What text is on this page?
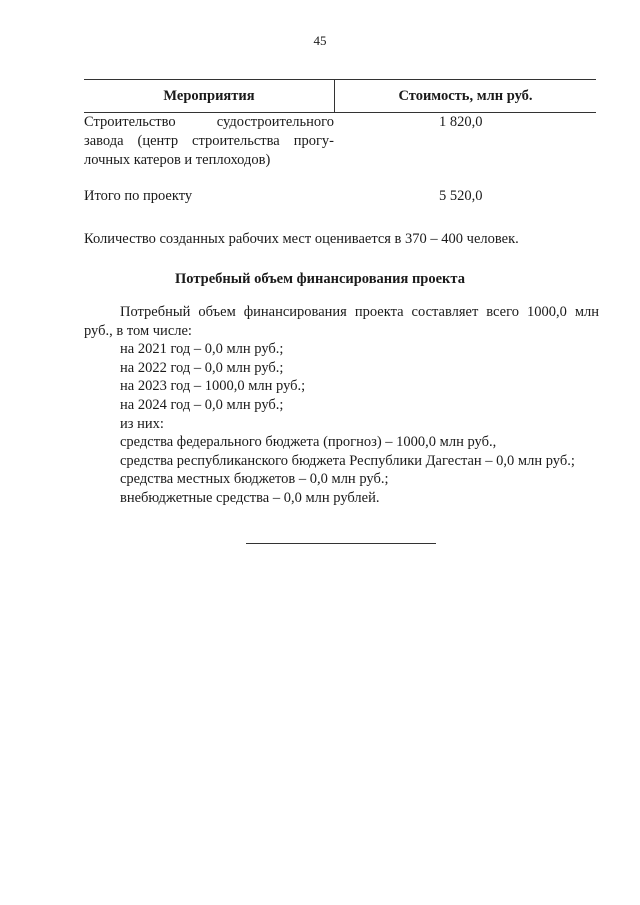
45
Мероприятия	Стоимость, млн руб.
Строительство судостроительного
завода (центр строительства прогу-
лочных катеров и теплоходов)
1 820,0
Итого по проекту	5 520,0
Количество созданных рабочих мест оценивается в 370 – 400 человек.
Потребный объем финансирования проекта
Потребный объем финансирования проекта составляет всего 1000,0 млн руб., в том числе:
на 2021 год – 0,0 млн руб.;
на 2022 год – 0,0 млн руб.;
на 2023 год – 1000,0 млн руб.;
на 2024 год – 0,0 млн руб.;
из них:
средства федерального бюджета (прогноз) – 1000,0 млн руб.,
средства республиканского бюджета Республики Дагестан – 0,0 млн руб.;
средства местных бюджетов – 0,0 млн руб.;
внебюджетные средства – 0,0 млн рублей.
